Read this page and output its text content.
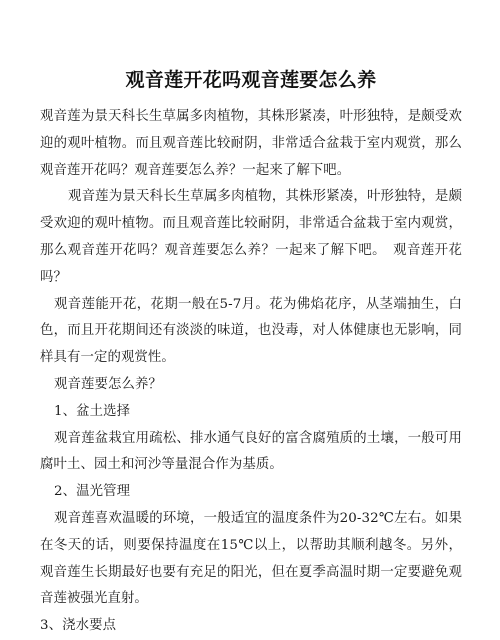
观音莲开花吗观音莲要怎么养

观音莲为景天科长生草属多肉植物，其株形紧凑，叶形独特，是颇受欢迎的观叶植物。而且观音莲比较耐阴，非常适合盆栽于室内观赏，那么观音莲开花吗？观音莲要怎么养？一起来了解下吧。

观音莲为景天科长生草属多肉植物，其株形紧凑，叶形独特，是颇受欢迎的观叶植物。而且观音莲比较耐阴，非常适合盆栽于室内观赏，那么观音莲开花吗？观音莲要怎么养？一起来了解下吧。　观音莲开花吗？

观音莲能开花，花期一般在5-7月。花为佛焰花序，从茎端抽生，白色，而且开花期间还有淡淡的味道，也没毒，对人体健康也无影响，同样具有一定的观赏性。

观音莲要怎么养？

1、盆土选择

观音莲盆栽宜用疏松、排水通气良好的富含腐殖质的土壤，一般可用腐叶土、园土和河沙等量混合作为基质。

2、温光管理

观音莲喜欢温暖的环境，一般适宜的温度条件为20-32℃左右。如果在冬天的话，则要保持温度在15℃以上，以帮助其顺利越冬。另外，观音莲生长期最好也要有充足的阳光，但在夏季高温时期一定要避免观音莲被强光直射。

3、浇水要点
